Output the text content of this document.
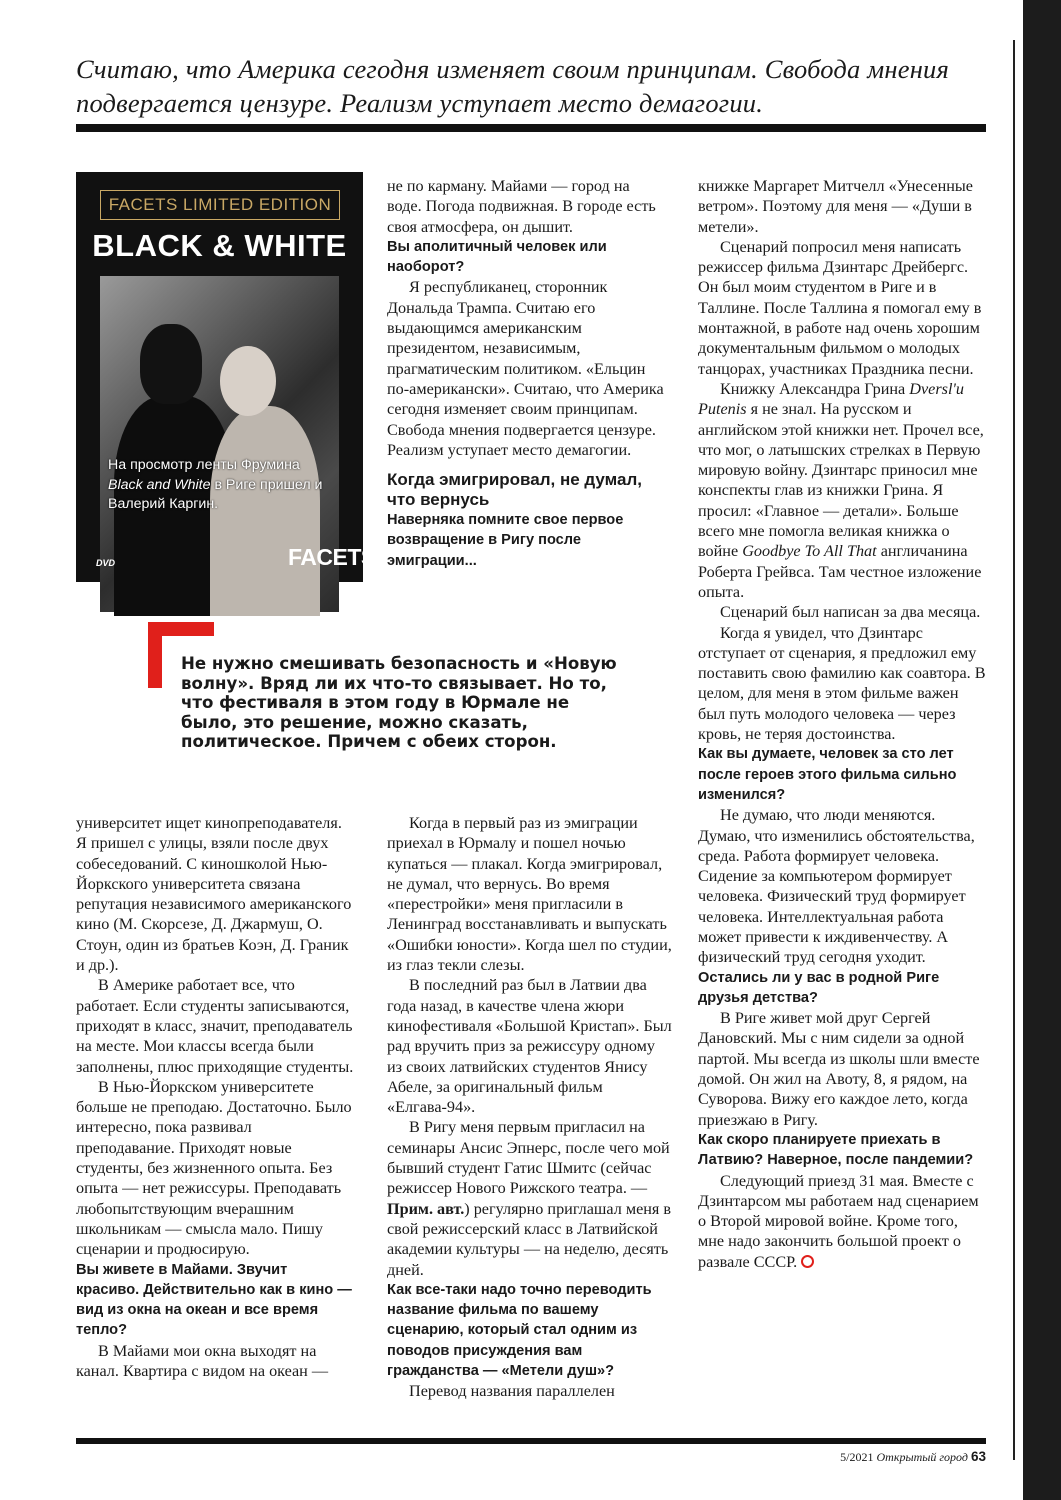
Считаю, что Америка сегодня изменяет своим принципам. Свобода мнения подвергается цензуре. Реализм уступает место демагогии.
FACETS LIMITED EDITION
BLACK & WHITE
На просмотр ленты Фрумина Black and White в Риге пришел и Валерий Каргин.
DVD	FACETS

не по карману. Майами — город на воде. Погода подвижная. В городе есть своя атмосфера, он дышит.

Вы аполитичный человек или наоборот?

Я республиканец, сторонник Дональда Трампа. Считаю его выдающимся американским президентом, независимым, прагматическим политиком. «Ельцин по-американски». Считаю, что Америка сегодня изменяет своим принципам. Свобода мнения подвергается цензуре. Реализм уступает место демагогии.

Когда эмигрировал, не думал, что вернусь

Наверняка помните свое первое возвращение в Ригу после эмиграции...

Не нужно смешивать безопасность и «Новую волну». Вряд ли их что-то связывает. Но то, что фестиваля в этом году в Юрмале не было, это решение, можно сказать, политическое. Причем с обеих сторон.

университет ищет кинопреподавателя. Я пришел с улицы, взяли после двух собеседований. С киношколой Нью-Йоркского университета связана репутация независимого американского кино (М. Скорсезе, Д. Джармуш, О. Стоун, один из братьев Коэн, Д. Граник и др.).

В Америке работает все, что работает. Если студенты записываются, приходят в класс, значит, преподаватель на месте. Мои классы всегда были заполнены, плюс приходящие студенты.

В Нью-Йоркском университете больше не преподаю. Достаточно. Было интересно, пока развивал преподавание. Приходят новые студенты, без жизненного опыта. Без опыта — нет режиссуры. Преподавать любопытствующим вчерашним школьникам — смысла мало. Пишу сценарии и продюсирую.

Вы живете в Майами. Звучит красиво. Действительно как в кино — вид из окна на океан и все время тепло?

В Майами мои окна выходят на канал. Квартира с видом на океан —

Когда в первый раз из эмиграции приехал в Юрмалу и пошел ночью купаться — плакал. Когда эмигрировал, не думал, что вернусь. Во время «перестройки» меня пригласили в Ленинград восстанавливать и выпускать «Ошибки юности». Когда шел по студии, из глаз текли слезы.

В последний раз был в Латвии два года назад, в качестве члена жюри кинофестиваля «Большой Кристап». Был рад вручить приз за режиссуру одному из своих латвийских студентов Янису Абеле, за оригинальный фильм «Елгава-94».

В Ригу меня первым пригласил на семинары Ансис Эпнерс, после чего мой бывший студент Гатис Шмитс (сейчас режиссер Нового Рижского театра. — Прим. авт.) регулярно приглашал меня в свой режиссерский класс в Латвийской академии культуры — на неделю, десять дней.

Как все-таки надо точно переводить название фильма по вашему сценарию, который стал одним из поводов присуждения вам гражданства — «Метели душ»?

Перевод названия параллелен

книжке Маргарет Митчелл «Унесенные ветром». Поэтому для меня — «Души в метели».

Сценарий попросил меня написать режиссер фильма Дзинтарс Дрейбергс. Он был моим студентом в Риге и в Таллине. После Таллина я помогал ему в монтажной, в работе над очень хорошим документальным фильмом о молодых танцорах, участниках Праздника песни.

Книжку Александра Грина Dversl'u Putenis я не знал. На русском и английском этой книжки нет. Прочел все, что мог, о латышских стрелках в Первую мировую войну. Дзинтарс приносил мне конспекты глав из книжки Грина. Я просил: «Главное — детали». Больше всего мне помогла великая книжка о войне Goodbye To All That англичанина Роберта Грейвса. Там честное изложение опыта.

Сценарий был написан за два месяца.

Когда я увидел, что Дзинтарс отступает от сценария, я предложил ему поставить свою фамилию как соавтора. В целом, для меня в этом фильме важен был путь молодого человека — через кровь, не теряя достоинства.

Как вы думаете, человек за сто лет после героев этого фильма сильно изменился?

Не думаю, что люди меняются. Думаю, что изменились обстоятельства, среда. Работа формирует человека. Сидение за компьютером формирует человека. Физический труд формирует человека. Интеллектуальная работа может привести к иждивенчеству. А физический труд сегодня уходит.

Остались ли у вас в родной Риге друзья детства?

В Риге живет мой друг Сергей Дановский. Мы с ним сидели за одной партой. Мы всегда из школы шли вместе домой. Он жил на Авоту, 8, я рядом, на Суворова. Вижу его каждое лето, когда приезжаю в Ригу.

Как скоро планируете приехать в Латвию? Наверное, после пандемии?

Следующий приезд 31 мая. Вместе с Дзинтарсом мы работаем над сценарием о Второй мировой войне. Кроме того, мне надо закончить большой проект о развале СССР.

5/2021 Открытый город 63
